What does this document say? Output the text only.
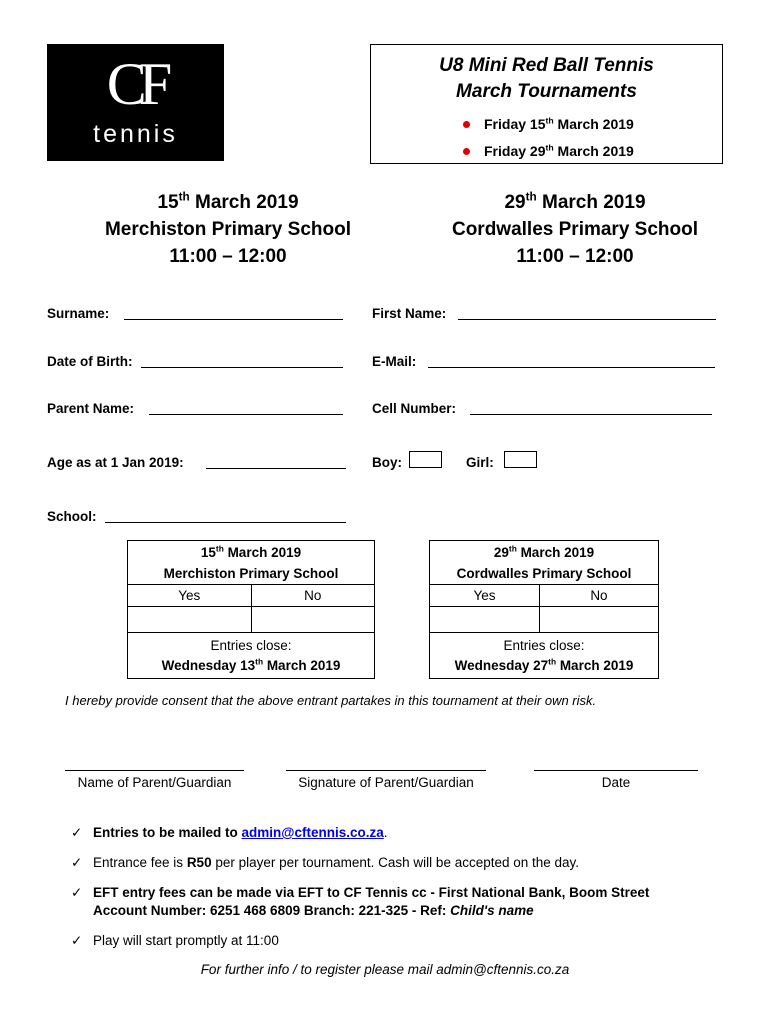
CF
tennis
U8 Mini Red Ball Tennis
March Tournaments
Friday 15th March 2019
Friday 29th March 2019
15th March 2019
Merchiston Primary School
11:00 – 12:00
29th March 2019
Cordwalles Primary School
11:00 – 12:00
Surname:	First Name:
Date of Birth:	E-Mail:
Parent Name:	Cell Number:
Age as at 1 Jan 2019:	Boy:	Girl:
School:
15th March 2019
Merchiston Primary School	

Yes	No

Entries close:
Wednesday 13th March 2019	
29th March 2019
Cordwalles Primary School	

Yes	No

Entries close:
Wednesday 27th March 2019	
I hereby provide consent that the above entrant partakes in this tournament at their own risk.
Name of Parent/Guardian	Signature of Parent/Guardian	Date
✓ Entries to be mailed to admin@cftennis.co.za.
✓ Entrance fee is R50 per player per tournament. Cash will be accepted on the day.
✓ EFT entry fees can be made via EFT to CF Tennis cc - First National Bank, Boom Street
Account Number: 6251 468 6809 Branch: 221-325 - Ref: Child's name
✓ Play will start promptly at 11:00
For further info / to register please mail admin@cftennis.co.za
